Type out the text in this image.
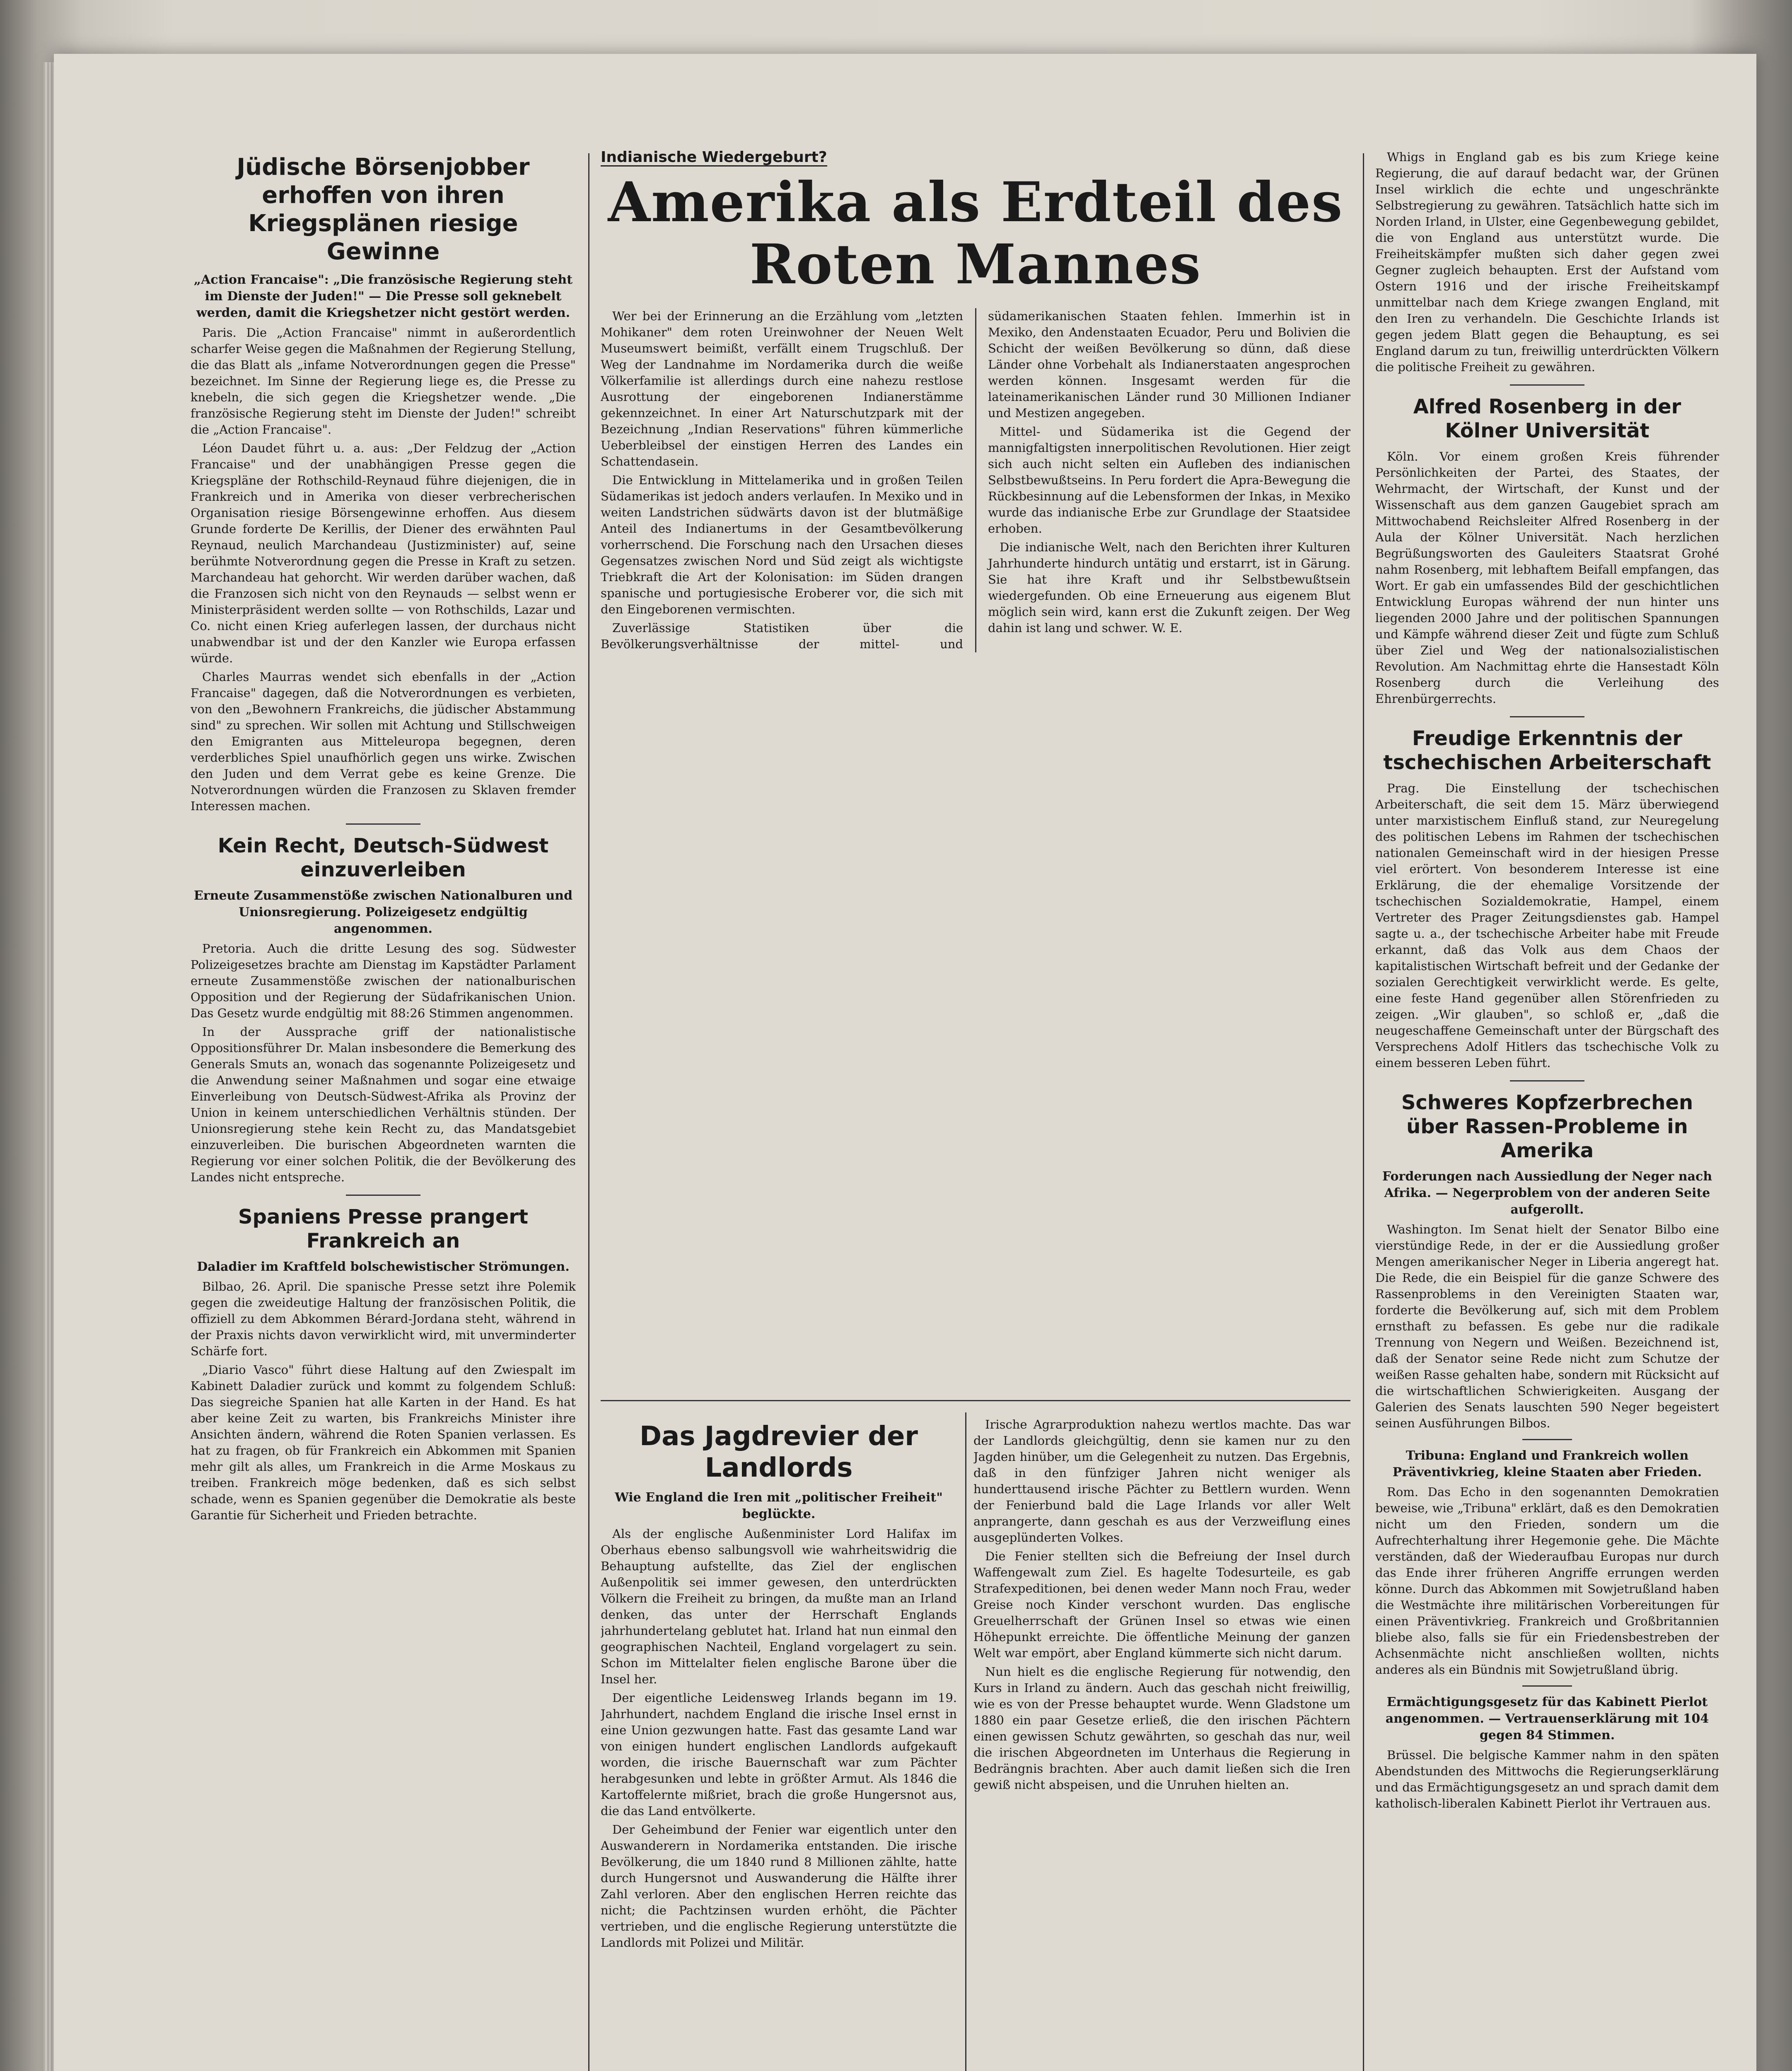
Jüdische Börsenjobber erhoffen von ihren Kriegsplänen riesige Gewinne
„Action Francaise": „Die französische Regierung steht im Dienste der Juden!" — Die Presse soll geknebelt werden, damit die Kriegshetzer nicht gestört werden.

Paris. Die „Action Francaise" nimmt in außerordentlich scharfer Weise gegen die Maßnahmen der Regierung Stellung, die das Blatt als „infame Notverordnungen gegen die Presse" bezeichnet. Im Sinne der Regierung liege es, die Presse zu knebeln, die sich gegen die Kriegshetzer wende. „Die französische Regierung steht im Dienste der Juden!" schreibt die „Action Francaise".

Léon Daudet führt u. a. aus: „Der Feldzug der „Action Francaise" und der unabhängigen Presse gegen die Kriegspläne der Rothschild-Reynaud führe diejenigen, die in Frankreich und in Amerika von dieser verbrecherischen Organisation riesige Börsengewinne erhoffen. Aus diesem Grunde forderte De Kerillis, der Diener des erwähnten Paul Reynaud, neulich Marchandeau (Justizminister) auf, seine berühmte Notverordnung gegen die Presse in Kraft zu setzen. Marchandeau hat gehorcht. Wir werden darüber wachen, daß die Franzosen sich nicht von den Reynauds — selbst wenn er Ministerpräsident werden sollte — von Rothschilds, Lazar und Co. nicht einen Krieg auferlegen lassen, der durchaus nicht unabwendbar ist und der den Kanzler wie Europa erfassen würde.

Charles Maurras wendet sich ebenfalls in der „Action Francaise" dagegen, daß die Notverordnungen es verbieten, von den „Bewohnern Frankreichs, die jüdischer Abstammung sind" zu sprechen. Wir sollen mit Achtung und Stillschweigen den Emigranten aus Mitteleuropa begegnen, deren verderbliches Spiel unaufhörlich gegen uns wirke. Zwischen den Juden und dem Verrat gebe es keine Grenze. Die Notverordnungen würden die Franzosen zu Sklaven fremder Interessen machen.

Kein Recht, Deutsch-Südwest einzuverleiben
Erneute Zusammenstöße zwischen Nationalburen und Unionsregierung. Polizeigesetz endgültig angenommen.

Pretoria. Auch die dritte Lesung des sog. Südwester Polizeigesetzes brachte am Dienstag im Kapstädter Parlament erneute Zusammenstöße zwischen der nationalburischen Opposition und der Regierung der Südafrikanischen Union. Das Gesetz wurde endgültig mit 88:26 Stimmen angenommen.

In der Aussprache griff der nationalistische Oppositionsführer Dr. Malan insbesondere die Bemerkung des Generals Smuts an, wonach das sogenannte Polizeigesetz und die Anwendung seiner Maßnahmen und sogar eine etwaige Einverleibung von Deutsch-Südwest-Afrika als Provinz der Union in keinem unterschiedlichen Verhältnis stünden. Der Unionsregierung stehe kein Recht zu, das Mandatsgebiet einzuverleiben. Die burischen Abgeordneten warnten die Regierung vor einer solchen Politik, die der Bevölkerung des Landes nicht entspreche.

Spaniens Presse prangert Frankreich an
Daladier im Kraftfeld bolschewistischer Strömungen.

Bilbao, 26. April. Die spanische Presse setzt ihre Polemik gegen die zweideutige Haltung der französischen Politik, die offiziell zu dem Abkommen Bérard-Jordana steht, während in der Praxis nichts davon verwirklicht wird, mit unverminderter Schärfe fort.

„Diario Vasco" führt diese Haltung auf den Zwiespalt im Kabinett Daladier zurück und kommt zu folgendem Schluß: Das siegreiche Spanien hat alle Karten in der Hand. Es hat aber keine Zeit zu warten, bis Frankreichs Minister ihre Ansichten ändern, während die Roten Spanien verlassen. Es hat zu fragen, ob für Frankreich ein Abkommen mit Spanien mehr gilt als alles, um Frankreich in die Arme Moskaus zu treiben. Frankreich möge bedenken, daß es sich selbst schade, wenn es Spanien gegenüber die Demokratie als beste Garantie für Sicherheit und Frieden betrachte.

Indianische Wiedergeburt?
Amerika als Erdteil des Roten Mannes

Wer bei der Erinnerung an die Erzählung vom „letzten Mohikaner" dem roten Ureinwohner der Neuen Welt Museumswert beimißt, verfällt einem Trugschluß. Der Weg der Landnahme im Nordamerika durch die weiße Völkerfamilie ist allerdings durch eine nahezu restlose Ausrottung der eingeborenen Indianerstämme gekennzeichnet. In einer Art Naturschutzpark mit der Bezeichnung „Indian Reservations" führen kümmerliche Ueberbleibsel der einstigen Herren des Landes ein Schattendasein.

Die Entwicklung in Mittelamerika und in großen Teilen Südamerikas ist jedoch anders verlaufen. In Mexiko und in weiten Landstrichen südwärts davon ist der blutmäßige Anteil des Indianertums in der Gesamtbevölkerung vorherrschend. Die Forschung nach den Ursachen dieses Gegensatzes zwischen Nord und Süd zeigt als wichtigste Triebkraft die Art der Kolonisation: im Süden drangen spanische und portugiesische Eroberer vor, die sich mit den Eingeborenen vermischten.

Zuverlässige Statistiken über die Bevölkerungsverhältnisse der mittel- und südamerikanischen Staaten fehlen. Immerhin ist in Mexiko, den Andenstaaten Ecuador, Peru und Bolivien die Schicht der weißen Bevölkerung so dünn, daß diese Länder ohne Vorbehalt als Indianerstaaten angesprochen werden können. Insgesamt werden für die lateinamerikanischen Länder rund 30 Millionen Indianer und Mestizen angegeben.

Mittel- und Südamerika ist die Gegend der mannigfaltigsten innerpolitischen Revolutionen. Hier zeigt sich auch nicht selten ein Aufleben des indianischen Selbstbewußtseins. In Peru fordert die Apra-Bewegung die Rückbesinnung auf die Lebensformen der Inkas, in Mexiko wurde das indianische Erbe zur Grundlage der Staatsidee erhoben.

Die indianische Welt, nach den Berichten ihrer Kulturen Jahrhunderte hindurch untätig und erstarrt, ist in Gärung. Sie hat ihre Kraft und ihr Selbstbewußtsein wiedergefunden. Ob eine Erneuerung aus eigenem Blut möglich sein wird, kann erst die Zukunft zeigen. Der Weg dahin ist lang und schwer. W. E.

Das Jagdrevier der Landlords
Wie England die Iren mit „politischer Freiheit" beglückte.

Als der englische Außenminister Lord Halifax im Oberhaus ebenso salbungsvoll wie wahrheitswidrig die Behauptung aufstellte, das Ziel der englischen Außenpolitik sei immer gewesen, den unterdrückten Völkern die Freiheit zu bringen, da mußte man an Irland denken, das unter der Herrschaft Englands jahrhundertelang geblutet hat. Irland hat nun einmal den geographischen Nachteil, England vorgelagert zu sein. Schon im Mittelalter fielen englische Barone über die Insel her.

Der eigentliche Leidensweg Irlands begann im 19. Jahrhundert, nachdem England die irische Insel ernst in eine Union gezwungen hatte. Fast das gesamte Land war von einigen hundert englischen Landlords aufgekauft worden, die irische Bauernschaft war zum Pächter herabgesunken und lebte in größter Armut. Als 1846 die Kartoffelernte mißriet, brach die große Hungersnot aus, die das Land entvölkerte.

Der Geheimbund der Fenier war eigentlich unter den Auswanderern in Nordamerika entstanden. Die irische Bevölkerung, die um 1840 rund 8 Millionen zählte, hatte durch Hungersnot und Auswanderung die Hälfte ihrer Zahl verloren. Aber den englischen Herren reichte das nicht; die Pachtzinsen wurden erhöht, die Pächter vertrieben, und die englische Regierung unterstützte die Landlords mit Polizei und Militär.

Irische Agrarproduktion nahezu wertlos machte. Das war der Landlords gleichgültig, denn sie kamen nur zu den Jagden hinüber, um die Gelegenheit zu nutzen. Das Ergebnis, daß in den fünfziger Jahren nicht weniger als hunderttausend irische Pächter zu Bettlern wurden. Wenn der Fenierbund bald die Lage Irlands vor aller Welt anprangerte, dann geschah es aus der Verzweiflung eines ausgeplünderten Volkes.

Die Fenier stellten sich die Befreiung der Insel durch Waffengewalt zum Ziel. Es hagelte Todesurteile, es gab Strafexpeditionen, bei denen weder Mann noch Frau, weder Greise noch Kinder verschont wurden. Das englische Greuelherrschaft der Grünen Insel so etwas wie einen Höhepunkt erreichte. Die öffentliche Meinung der ganzen Welt war empört, aber England kümmerte sich nicht darum.

Nun hielt es die englische Regierung für notwendig, den Kurs in Irland zu ändern. Auch das geschah nicht freiwillig, wie es von der Presse behauptet wurde. Wenn Gladstone um 1880 ein paar Gesetze erließ, die den irischen Pächtern einen gewissen Schutz gewährten, so geschah das nur, weil die irischen Abgeordneten im Unterhaus die Regierung in Bedrängnis brachten. Aber auch damit ließen sich die Iren gewiß nicht abspeisen, und die Unruhen hielten an.

Whigs in England gab es bis zum Kriege keine Regierung, die auf darauf bedacht war, der Grünen Insel wirklich die echte und ungeschränkte Selbstregierung zu gewähren. Tatsächlich hatte sich im Norden Irland, in Ulster, eine Gegenbewegung gebildet, die von England aus unterstützt wurde. Die Freiheitskämpfer mußten sich daher gegen zwei Gegner zugleich behaupten. Erst der Aufstand vom Ostern 1916 und der irische Freiheitskampf unmittelbar nach dem Kriege zwangen England, mit den Iren zu verhandeln. Die Geschichte Irlands ist gegen jedem Blatt gegen die Behauptung, es sei England darum zu tun, freiwillig unterdrückten Völkern die politische Freiheit zu gewähren.

Alfred Rosenberg in der Kölner Universität

Köln. Vor einem großen Kreis führender Persönlichkeiten der Partei, des Staates, der Wehrmacht, der Wirtschaft, der Kunst und der Wissenschaft aus dem ganzen Gaugebiet sprach am Mittwochabend Reichsleiter Alfred Rosenberg in der Aula der Kölner Universität. Nach herzlichen Begrüßungsworten des Gauleiters Staatsrat Grohé nahm Rosenberg, mit lebhaftem Beifall empfangen, das Wort. Er gab ein umfassendes Bild der geschichtlichen Entwicklung Europas während der nun hinter uns liegenden 2000 Jahre und der politischen Spannungen und Kämpfe während dieser Zeit und fügte zum Schluß über Ziel und Weg der nationalsozialistischen Revolution. Am Nachmittag ehrte die Hansestadt Köln Rosenberg durch die Verleihung des Ehrenbürgerrechts.

Freudige Erkenntnis der tschechischen Arbeiterschaft

Prag. Die Einstellung der tschechischen Arbeiterschaft, die seit dem 15. März überwiegend unter marxistischem Einfluß stand, zur Neuregelung des politischen Lebens im Rahmen der tschechischen nationalen Gemeinschaft wird in der hiesigen Presse viel erörtert. Von besonderem Interesse ist eine Erklärung, die der ehemalige Vorsitzende der tschechischen Sozialdemokratie, Hampel, einem Vertreter des Prager Zeitungsdienstes gab. Hampel sagte u. a., der tschechische Arbeiter habe mit Freude erkannt, daß das Volk aus dem Chaos der kapitalistischen Wirtschaft befreit und der Gedanke der sozialen Gerechtigkeit verwirklicht werde. Es gelte, eine feste Hand gegenüber allen Störenfrieden zu zeigen. „Wir glauben", so schloß er, „daß die neugeschaffene Gemeinschaft unter der Bürgschaft des Versprechens Adolf Hitlers das tschechische Volk zu einem besseren Leben führt.

Schweres Kopfzerbrechen über Rassen-Probleme in Amerika
Forderungen nach Aussiedlung der Neger nach Afrika. — Negerproblem von der anderen Seite aufgerollt.

Washington. Im Senat hielt der Senator Bilbo eine vierstündige Rede, in der er die Aussiedlung großer Mengen amerikanischer Neger in Liberia angeregt hat. Die Rede, die ein Beispiel für die ganze Schwere des Rassenproblems in den Vereinigten Staaten war, forderte die Bevölkerung auf, sich mit dem Problem ernsthaft zu befassen. Es gebe nur die radikale Trennung von Negern und Weißen. Bezeichnend ist, daß der Senator seine Rede nicht zum Schutze der weißen Rasse gehalten habe, sondern mit Rücksicht auf die wirtschaftlichen Schwierigkeiten. Ausgang der Galerien des Senats lauschten 590 Neger begeistert seinen Ausführungen Bilbos.

Tribuna: England und Frankreich wollen Präventivkrieg, kleine Staaten aber Frieden.

Rom. Das Echo in den sogenannten Demokratien beweise, wie „Tribuna" erklärt, daß es den Demokratien nicht um den Frieden, sondern um die Aufrechterhaltung ihrer Hegemonie gehe. Die Mächte verständen, daß der Wiederaufbau Europas nur durch das Ende ihrer früheren Angriffe errungen werden könne. Durch das Abkommen mit Sowjetrußland haben die Westmächte ihre militärischen Vorbereitungen für einen Präventivkrieg. Frankreich und Großbritannien bliebe also, falls sie für ein Friedensbestreben der Achsenmächte nicht anschließen wollten, nichts anderes als ein Bündnis mit Sowjetrußland übrig.

Ermächtigungsgesetz für das Kabinett Pierlot angenommen. — Vertrauenserklärung mit 104 gegen 84 Stimmen.

Brüssel. Die belgische Kammer nahm in den späten Abendstunden des Mittwochs die Regierungserklärung und das Ermächtigungsgesetz an und sprach damit dem katholisch-liberalen Kabinett Pierlot ihr Vertrauen aus.
